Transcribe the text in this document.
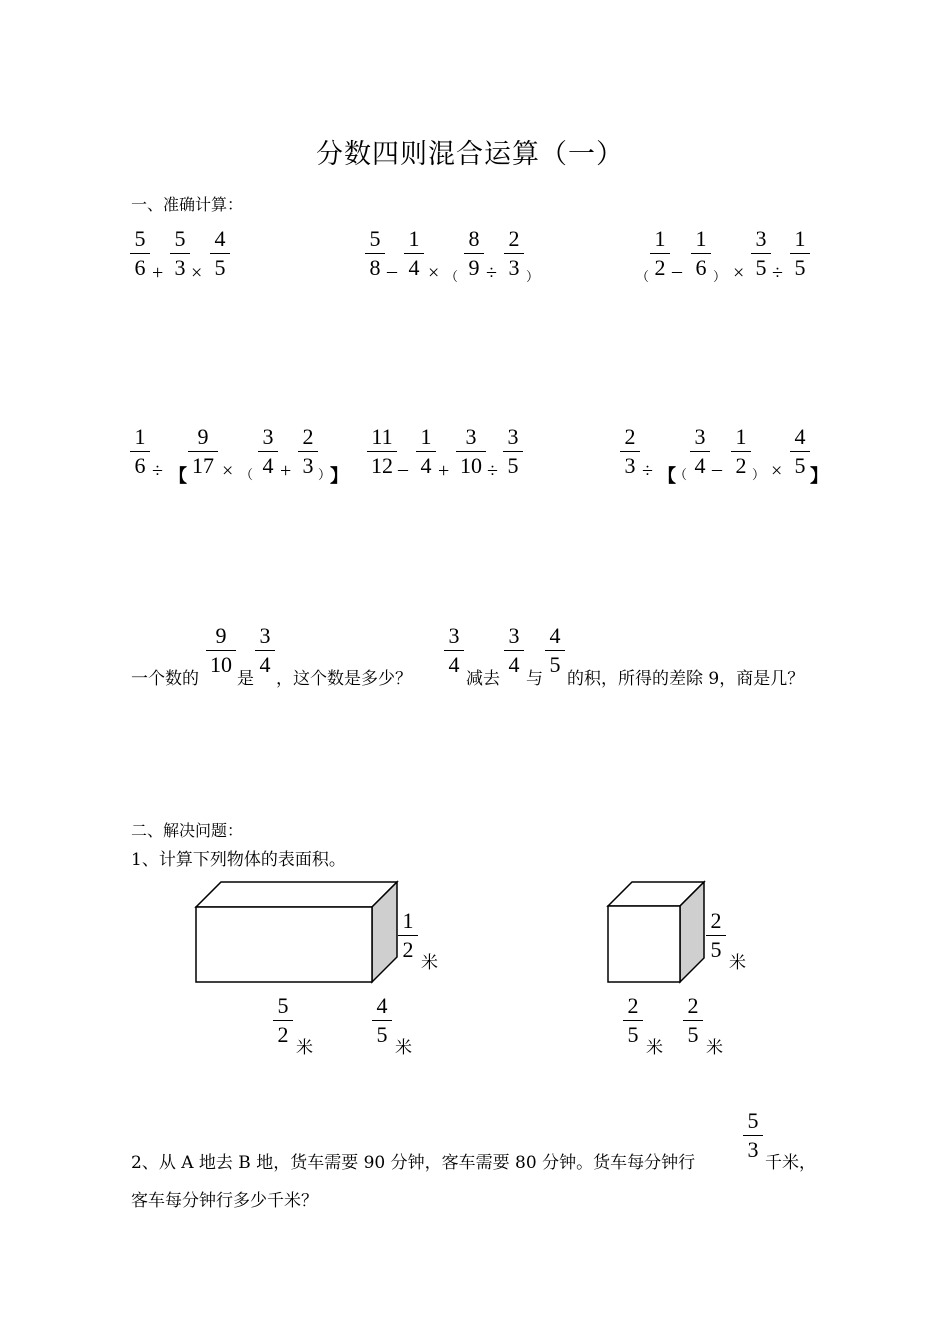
分数四则混合运算（一）
一、准确计算：
5
6 +
5
3 ×
4
5
5
8 –
1
4 × （
8
9 ÷
2
3 ）	（
1
2 –
1
6 ） ×
3
5 ÷
1
5
1
6 ÷ 【
9
17 × （
3
4 +
2
3 ）
】
11
12 –
1
4 +
3
10 ÷
3
5
2
3 ÷ 【
（
3
4 –
1
2 ） ×
4
5 】
一个数的
9
10
是
3
4
，这个数是多少？
3
4
减去
3
4
与
4
5
的积，所得的差除 9，商是几？
二、解决问题：
1、计算下列物体的表面积。
1
2
米
5
2
米
4
5
米
2
5
米
2
5
米
2
5
米
2、从 A 地去 B 地，货车需要 90 分钟，客车需要 80 分钟。货车每分钟行
5
3
千米，
客车每分钟行多少千米？
